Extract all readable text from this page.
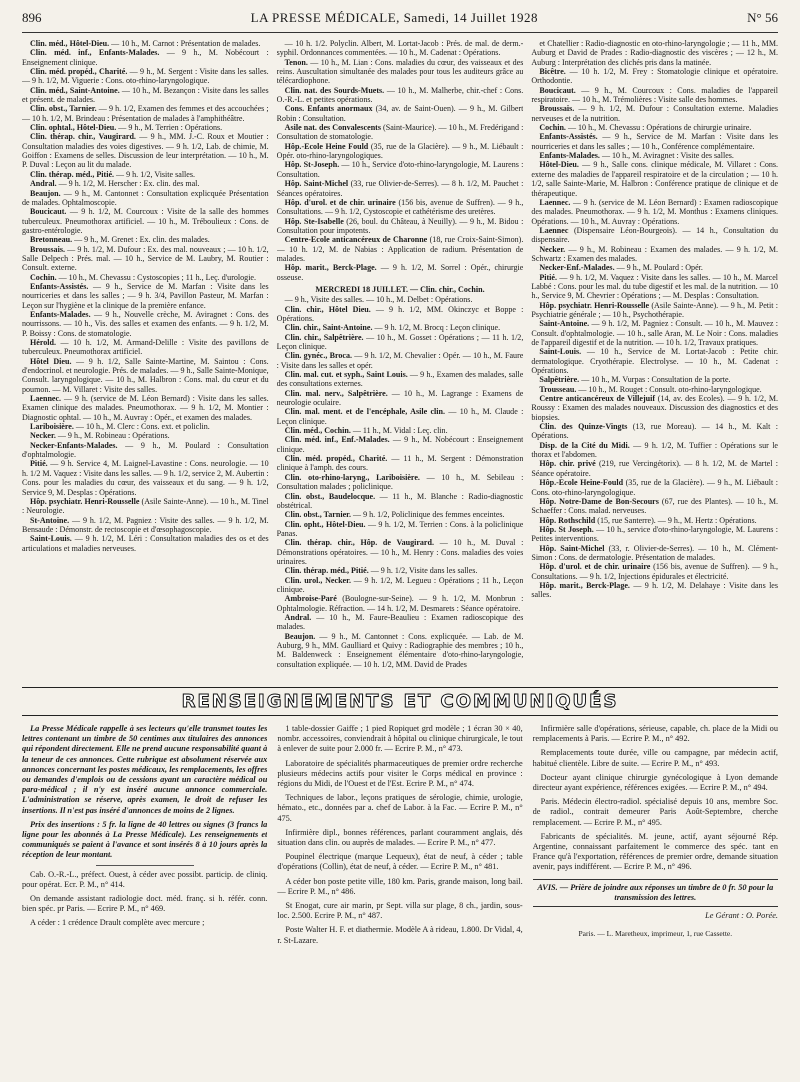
896	LA PRESSE MÉDICALE, Samedi, 14 Juillet 1928	N° 56

Clin. méd., Hôtel-Dieu. — 10 h., M. Carnot : Présentation de malades.

Clin. méd. inf., Enfants-Malades. — 9 h., M. Nobécourt : Enseignement clinique.

Clin. méd. propéd., Charité. — 9 h., M. Sergent : Visite dans les salles. — 9 h. 1/2, M. Viguerie : Cons. oto-rhino-laryngologique.

Clin. méd., Saint-Antoine. — 10 h., M. Bezançon : Visite dans les salles et présent. de malades.

Clin. obst., Tarnier. — 9 h. 1/2, Examen des femmes et des accouchées ; — 10 h. 1/2, M. Brindeau : Présentation de malades à l'amphithéâtre.

Clin. ophtal., Hôtel-Dieu. — 9 h., M. Terrien : Opérations.

Clin. thérap. chir., Vaugirard. — 9 h., MM. J.-C. Roux et Moutier : Consultation maladies des voies digestives. — 9 h. 1/2, Lab. de chimie, M. Goiffon : Examens de selles. Discussion de leur interprétation. — 10 h., M. P. Duval : Leçon au lit du malade.

Clin. thérap. méd., Pitié. — 9 h. 1/2, Visite salles.

Andral. — 9 h. 1/2, M. Herscher : Ex. clin. des mal.

Beaujon. — 9 h., M. Cantonnet : Consultation explicquée Présentation de malades. Ophtalmoscopie.

Boucicaut. — 9 h. 1/2, M. Courcoux : Visite de la salle des hommes tuberculeux. Pneumothorax artificiel. — 10 h., M. Tréboulieux : Cons. de gastro-entérologie.

Bretonneau. — 9 h., M. Grenet : Ex. clin. des malades.

Broussais. — 9 h. 1/2, M. Dufour : Ex. des mal. nouveaux ; — 10 h. 1/2, Salle Delpech : Prés. mal. — 10 h., Service de M. Laubry, M. Routier : Consult. externe.

Cochin. — 10 h., M. Chevassu : Cystoscopies ; 11 h., Leç. d'urologie.

Enfants-Assistés. — 9 h., Service de M. Marfan : Visite dans les nourriceries et dans les salles ; — 9 h. 3/4, Pavillon Pasteur, M. Marfan : Leçon sur l'hygiène et la clinique de la première enfance.

Enfants-Malades. — 9 h., Nouvelle crèche, M. Aviragnet : Cons. des nourrissons. — 10 h., Vis. des salles et examen des enfants. — 9 h. 1/2, M. P. Boissy : Cons. de stomatologie.

Hérold. — 10 h. 1/2, M. Armand-Delille : Visite des pavillons de tuberculeux. Pneumothorax artificiel.

Hôtel Dieu. — 9 h. 1/2, Salle Sainte-Martine, M. Saintou : Cons. d'endocrinol. et neurologie. Prés. de malades. — 9 h., Salle Sainte-Monique, Consult. laryngologique. — 10 h., M. Halbron : Cons. mal. du cœur et du poumon. — M. Villaret : Visite des salles.

Laennec. — 9 h. (service de M. Léon Bernard) : Visite dans les salles. Examen clinique des malades. Pneumothorax. — 9 h. 1/2, M. Montier : Diagnostic ophtal. — 10 h., M. Auvray : Opér., et examen des malades.

Lariboisière. — 10 h., M. Clerc : Cons. ext. et policlin.

Necker. — 9 h., M. Robineau : Opérations.

Necker-Enfants-Malades. — 9 h., M. Poulard : Consultation d'ophtalmologie.

Pitié. — 9 h. Service 4, M. Laignel-Lavastine : Cons. neurologie. — 10 h. 1/2 M. Vaquez : Visite dans les salles. — 9 h. 1/2, service 2, M. Aubertin : Cons. pour les maladies du cœur, des vaisseaux et du sang. — 9 h. 1/2, Service 9, M. Desplas : Opérations.

Hôp. psychiatr. Henri-Rousselle (Asile Sainte-Anne). — 10 h., M. Tinel : Neurologie.

St-Antoine. — 9 h. 1/2, M. Pagniez : Visite des salles. — 9 h. 1/2, M. Bensaude : Démonstr. de rectoscopie et d'œsophagoscopie.

Saint-Louis. — 9 h. 1/2, M. Léri : Consultation maladies des os et des articulations et maladies nerveuses.

— 10 h. 1/2. Polyclin. Albert, M. Lortat-Jacob : Prés. de mal. de derm.-syphil. Ordonnances commentées. — 10 h., M. Cadenat : Opérations.

Tenon. — 10 h., M. Lian : Cons. maladies du cœur, des vaisseaux et des reins. Auscultation simultanée des malades pour tous les auditeurs grâce au télécardiophone.

Clin. nat. des Sourds-Muets. — 10 h., M. Malherbe, chir.-chef : Cons. O.-R.-L. et petites opérations.

Cons. Enfants anormaux (34, av. de Saint-Ouen). — 9 h., M. Gilbert Robin : Consultation.

Asile nat. des Convalescents (Saint-Maurice). — 10 h., M. Fredérigand : Consultation de stomatologie.

Hôp.-Ecole Heine Fould (35, rue de la Glacière). — 9 h., M. Liébault : Opér. oto-rhino-laryngologiques.

Hôp. St-Joseph. — 10 h., Service d'oto-rhino-laryngologie, M. Laurens : Consultation.

Hôp. Saint-Michel (33, rue Olivier-de-Serres). — 8 h. 1/2, M. Pauchet : Séances opératoires.

Hôp. d'urol. et de chir. urinaire (156 bis, avenue de Suffren). — 9 h., Consultations. — 9 h. 1/2, Cystoscopie et cathétérisme des uretères.

Hôp. Ste-Isabelle (26, boul. du Château, à Neuilly). — 9 h., M. Bidou : Consultation pour impotents.

Centre-Ecole anticancéreux de Charonne (18, rue Croix-Saint-Simon). — 10 h. 1/2, M. de Nabias : Application de radium. Présentation de malades.

Hôp. marit., Berck-Plage. — 9 h. 1/2, M. Sorrel : Opér., chirurgie osseuse.

MERCREDI 18 JUILLET. — Clin. chir., Cochin.

— 9 h., Visite des salles. — 10 h., M. Delbet : Opérations.

Clin. chir., Hôtel Dieu. — 9 h. 1/2, MM. Okinczyc et Boppe : Opérations.

Clin. chir., Saint-Antoine. — 9 h. 1/2, M. Brocq : Leçon clinique.

Clin. chir., Salpêtrière. — 10 h., M. Gosset : Opérations ; — 11 h. 1/2, Leçon clinique.

Clin. gynéc., Broca. — 9 h. 1/2, M. Chevalier : Opér. — 10 h., M. Faure : Visite dans les salles et opér.

Clin. mal. cut. et syph., Saint Louis. — 9 h., Examen des malades, salle des consultations externes.

Clin. mal. nerv., Salpêtrière. — 10 h., M. Lagrange : Examens de neurologie oculaire.

Clin. mal. ment. et de l'encéphale, Asile clin. — 10 h., M. Claude : Leçon clinique.

Clin. méd., Cochin. — 11 h., M. Vidal : Leç. clin.

Clin. méd. inf., Enf.-Malades. — 9 h., M. Nobécourt : Enseignement clinique.

Clin. méd. propéd., Charité. — 11 h., M. Sergent : Démonstration clinique à l'amph. des cours.

Clin. oto-rhino-laryng., Lariboisière. — 10 h., M. Sebileau : Consultation malades ; policlinique.

Clin. obst., Baudelocque. — 11 h., M. Blanche : Radio-diagnostic obstétrical.

Clin. obst., Tarnier. — 9 h. 1/2, Policlinique des femmes enceintes.

Clin. opht., Hôtel-Dieu. — 9 h. 1/2, M. Terrien : Cons. à la policlinique Panas.

Clin. thérap. chir., Hôp. de Vaugirard. — 10 h., M. Duval : Démonstrations opératoires. — 10 h., M. Henry : Cons. maladies des voies urinaires.

Clin. thérap. méd., Pitié. — 9 h. 1/2, Visite dans les salles.

Clin. urol., Necker. — 9 h. 1/2, M. Legueu : Opérations ; 11 h., Leçon clinique.

Ambroise-Paré (Boulogne-sur-Seine). — 9 h. 1/2, M. Monbrun : Ophtalmologie. Réfraction. — 14 h. 1/2, M. Desmarets : Séance opératoire.

Andral. — 10 h., M. Faure-Beaulieu : Examen radioscopique des malades.

Beaujon. — 9 h., M. Cantonnet : Cons. explicquée. — Lab. de M. Auburg, 9 h., MM. Gaulliard et Quivy : Radiographie des membres ; 10 h., M. Baldenweck : Enseignement élémentaire d'oto-rhino-laryngologie, consultation expliquée. — 10 h. 1/2, MM. David de Prades

et Chatellier : Radio-diagnostic en oto-rhino-laryngologie ; — 11 h., MM. Auburg et David de Prades : Radio-diagnostic des viscères ; — 12 h., M. Auburg : Interprétation des clichés pris dans la matinée.

Bicêtre. — 10 h. 1/2, M. Frey : Stomatologie clinique et opératoire. Orthodontie.

Boucicaut. — 9 h., M. Courcoux : Cons. maladies de l'appareil respiratoire. — 10 h., M. Trémolières : Visite salle des hommes.

Broussais. — 9 h. 1/2, M. Dufour : Consultation externe. Maladies nerveuses et de la nutrition.

Cochin. — 10 h., M. Chevassu : Opérations de chirurgie urinaire.

Enfants-Assistés. — 9 h., Service de M. Marfan : Visite dans les nourriceries et dans les salles ; — 10 h., Conférence complémentaire.

Enfants-Malades. — 10 h., M. Aviragnet : Visite des salles.

Hôtel-Dieu. — 9 h., Salle cons. clinique médicale, M. Villaret : Cons. externe des maladies de l'appareil respiratoire et de la circulation ; — 10 h. 1/2, salle Sainte-Marie, M. Halbron : Conférence pratique de clinique et de thérapeutique.

Laennec. — 9 h. (service de M. Léon Bernard) : Examen radioscopique des malades. Pneumothorax. — 9 h. 1/2, M. Monthus : Examens cliniques. Opérations. — 10 h., M. Auvray : Opérations.

Laennec (Dispensaire Léon-Bourgeois). — 14 h., Consultation du dispensaire.

Necker. — 9 h., M. Robineau : Examen des malades. — 9 h. 1/2, M. Schwartz : Examen des malades.

Necker-Enf.-Malades. — 9 h., M. Poulard : Opér.

Pitié. — 9 h. 1/2, M. Vaquez : Visite dans les salles. — 10 h., M. Marcel Labbé : Cons. pour les mal. du tube digestif et les mal. de la nutrition. — 10 h., Service 9, M. Chevrier : Opérations ; — M. Desplas : Consultation.

Hôp. psychiatr. Henri-Rousselle (Asile Sainte-Anne). — 9 h., M. Petit : Psychiatrie générale ; — 10 h., Psychothérapie.

Saint-Antoine. — 9 h. 1/2, M. Pagniez : Consult. — 10 h., M. Mauvez : Consult. d'ophtalmologie. — 10 h., salle Aran, M. Le Noir : Cons. maladies de l'appareil digestif et de la nutrition. — 10 h. 1/2, Travaux pratiques.

Saint-Louis. — 10 h., Service de M. Lortat-Jacob : Petite chir. dermatologique. Cryothérapie. Electrolyse. — 10 h., M. Cadenat : Opérations.

Salpêtrière. — 10 h., M. Vurpas : Consultation de la porte.

Trousseau. — 10 h., M. Rouget : Consult. oto-rhino-laryngologique.

Centre anticancéreux de Villejuif (14, av. des Ecoles). — 9 h. 1/2, M. Roussy : Examen des malades nouveaux. Discussion des diagnostics et des biopsies.

Clin. des Quinze-Vingts (13, rue Moreau). — 14 h., M. Kalt : Opérations.

Disp. de la Cité du Midi. — 9 h. 1/2, M. Tuffier : Opérations sur le thorax et l'abdomen.

Hôp. chir. privé (219, rue Vercingétorix). — 8 h. 1/2, M. de Martel : Séance opératoire.

Hôp.-Ecole Heine-Fould (35, rue de la Glacière). — 9 h., M. Liébault : Cons. oto-rhino-laryngologique.

Hôp. Notre-Dame de Bon-Secours (67, rue des Plantes). — 10 h., M. Schaeffer : Cons. malad. nerveuses.

Hôp. Rothschild (15, rue Santerre). — 9 h., M. Hertz : Opérations.

Hôp. St Joseph. — 10 h., service d'oto-rhino-laryngologie, M. Laurens : Petites interventions.

Hôp. Saint-Michel (33, r. Olivier-de-Serres). — 10 h., M. Clément-Simon : Cons. de dermatologie. Présentation de malades.

Hôp. d'urol. et de chir. urinaire (156 bis, avenue de Suffren). — 9 h., Consultations. — 9 h. 1/2, Injections épidurales et électricité.

Hôp. marit., Berck-Plage. — 9 h. 1/2, M. Delahaye : Visite dans les salles.

RENSEIGNEMENTS ET COMMUNIQUÉS

La Presse Médicale rappelle à ses lecteurs qu'elle transmet toutes les lettres contenant un timbre de 50 centimes aux titulaires des annonces qui répondent directement. Elle ne prend aucune responsabilité quant à la teneur de ces annonces. Cette rubrique est absolument réservée aux annonces concernant les postes médicaux, les remplacements, les offres ou demandes d'emplois ou de cessions ayant un caractère médical ou para-médical ; il n'y est inséré aucune annonce commerciale. L'administration se réserve, après examen, le droit de refuser les insertions. Il n'est pas inséré d'annonces de moins de 2 lignes.

Prix des insertions : 5 fr. la ligne de 40 lettres ou signes (3 francs la ligne pour les abonnés à La Presse Médicale). Les renseignements et communiqués se paient à l'avance et sont insérés 8 à 10 jours après la réception de leur montant.

Cab. O.-R.-L., préfect. Ouest, à céder avec possibt. particip. de cliniq. pour opérat. Ecr. P. M., n° 414.

On demande assistant radiologie doct. méd. franç. si h. référ. conn. bien spéc. pr Paris. — Ecrire P. M., n° 469.

A céder : 1 crédence Drault complète avec mercure ;

1 table-dossier Gaiffe ; 1 pied Ropiquet grd modèle ; 1 écran 30 × 40, nombr. accessoires, conviendrait à hôpital ou clinique chirurgicale, le tout à enlever de suite pour 2.000 fr. — Ecrire P. M., n° 473.

Laboratoire de spécialités pharmaceutiques de premier ordre recherche plusieurs médecins actifs pour visiter le Corps médical en province : régions du Midi, de l'Ouest et de l'Est. Ecrire P. M., n° 474.

Techniques de labor., leçons pratiques de sérologie, chimie, urologie, hémato., etc., données par a. chef de Labor. à la Fac. — Ecrire P. M., n° 475.

Infirmière dipl., bonnes références, parlant couramment anglais, dés situation dans clin. ou auprès de malades. — Ecrire P. M., n° 477.

Poupinel électrique (marque Lequeux), état de neuf, à céder ; table d'opérations (Collin), état de neuf, à céder. — Ecrire P. M., n° 481.

A céder bon poste petite ville, 180 km. Paris, grande maison, long bail. — Ecrire P. M., n° 486.

St Enogat, cure air marin, pr Sept. villa sur plage, 8 ch., jardin, sous-loc. 2.500. Ecrire P. M., n° 487.

Poste Walter H. F. et diathermie. Modèle A à rideau, 1.800. Dr Vidal, 4, r. St-Lazare.

Infirmière salle d'opérations, sérieuse, capable, ch. place de la Midi ou remplacements à Paris. — Ecrire P. M., n° 492.

Remplacements toute durée, ville ou campagne, par médecin actif, habitué clientèle. Libre de suite. — Ecrire P. M., n° 493.

Docteur ayant clinique chirurgie gynécologique à Lyon demande directeur ayant expérience, références exigées. — Ecrire P. M., n° 494.

Paris. Médecin électro-radiol. spécialisé depuis 10 ans, membre Soc. de radiol., contrait demeurer Paris Août-Septembre, cherche remplacement. — Ecrire P. M., n° 495.

Fabricants de spécialités. M. jeune, actif, ayant séjourné Rép. Argentine, connaissant parfaitement le commerce des spéc. tant en France qu'à l'exportation, références de premier ordre, demande situation avenir, pays indifférent. — Ecrire P. M., n° 496.

AVIS. — Prière de joindre aux réponses un timbre de 0 fr. 50 pour la transmission des lettres.

Le Gérant : O. Porée.

Paris. — L. Maretheux, imprimeur, 1, rue Cassette.
